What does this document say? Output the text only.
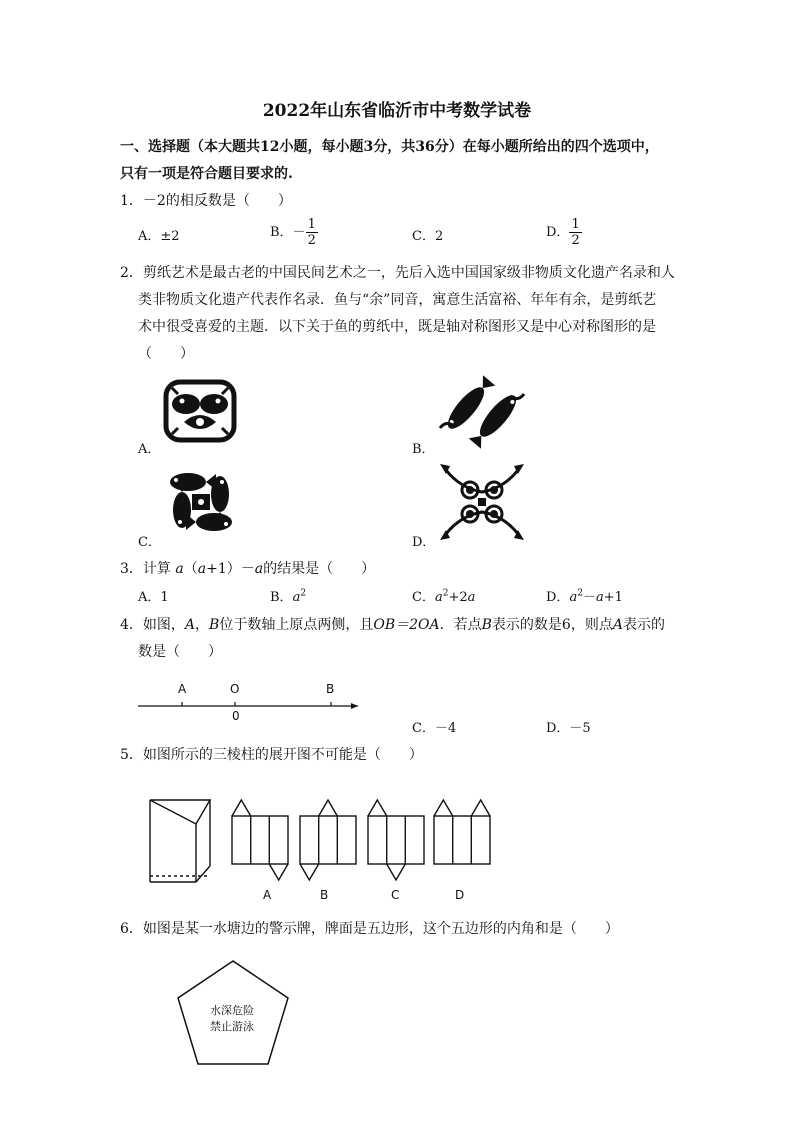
2022年山东省临沂市中考数学试卷
一、选择题（本大题共12小题，每小题3分，共36分）在每小题所给出的四个选项中，
只有一项是符合题目要求的.
1．－2的相反数是（　　）
A．±2	B．－ $\frac{1}{2}$	C．2	D． $\frac{1}{2}$
2．剪纸艺术是最古老的中国民间艺术之一，先后入选中国国家级非物质文化遗产名录和人
类非物质文化遗产代表作名录．鱼与“余”同音，寓意生活富裕、年年有余，是剪纸艺
术中很受喜爱的主题．以下关于鱼的剪纸中，既是轴对称图形又是中心对称图形的是
（　　）
A．	B．
C．	D．
3．计算 a（a+1）－a的结果是（　　）
A．1	B．$a^2$	C．$a^2+2a$	D．$a^2-a+1$
4．如图，A，B位于数轴上原点两侧，且OB＝2OA．若点B表示的数是6，则点A表示的
数是（　　）
A	O	B
0
C．－4	D．－5
5．如图所示的三棱柱的展开图不可能是（　　）
A	B	C	D
6．如图是某一水塘边的警示牌，牌面是五边形，这个五边形的内角和是（　　）
水深危险
禁止游泳
